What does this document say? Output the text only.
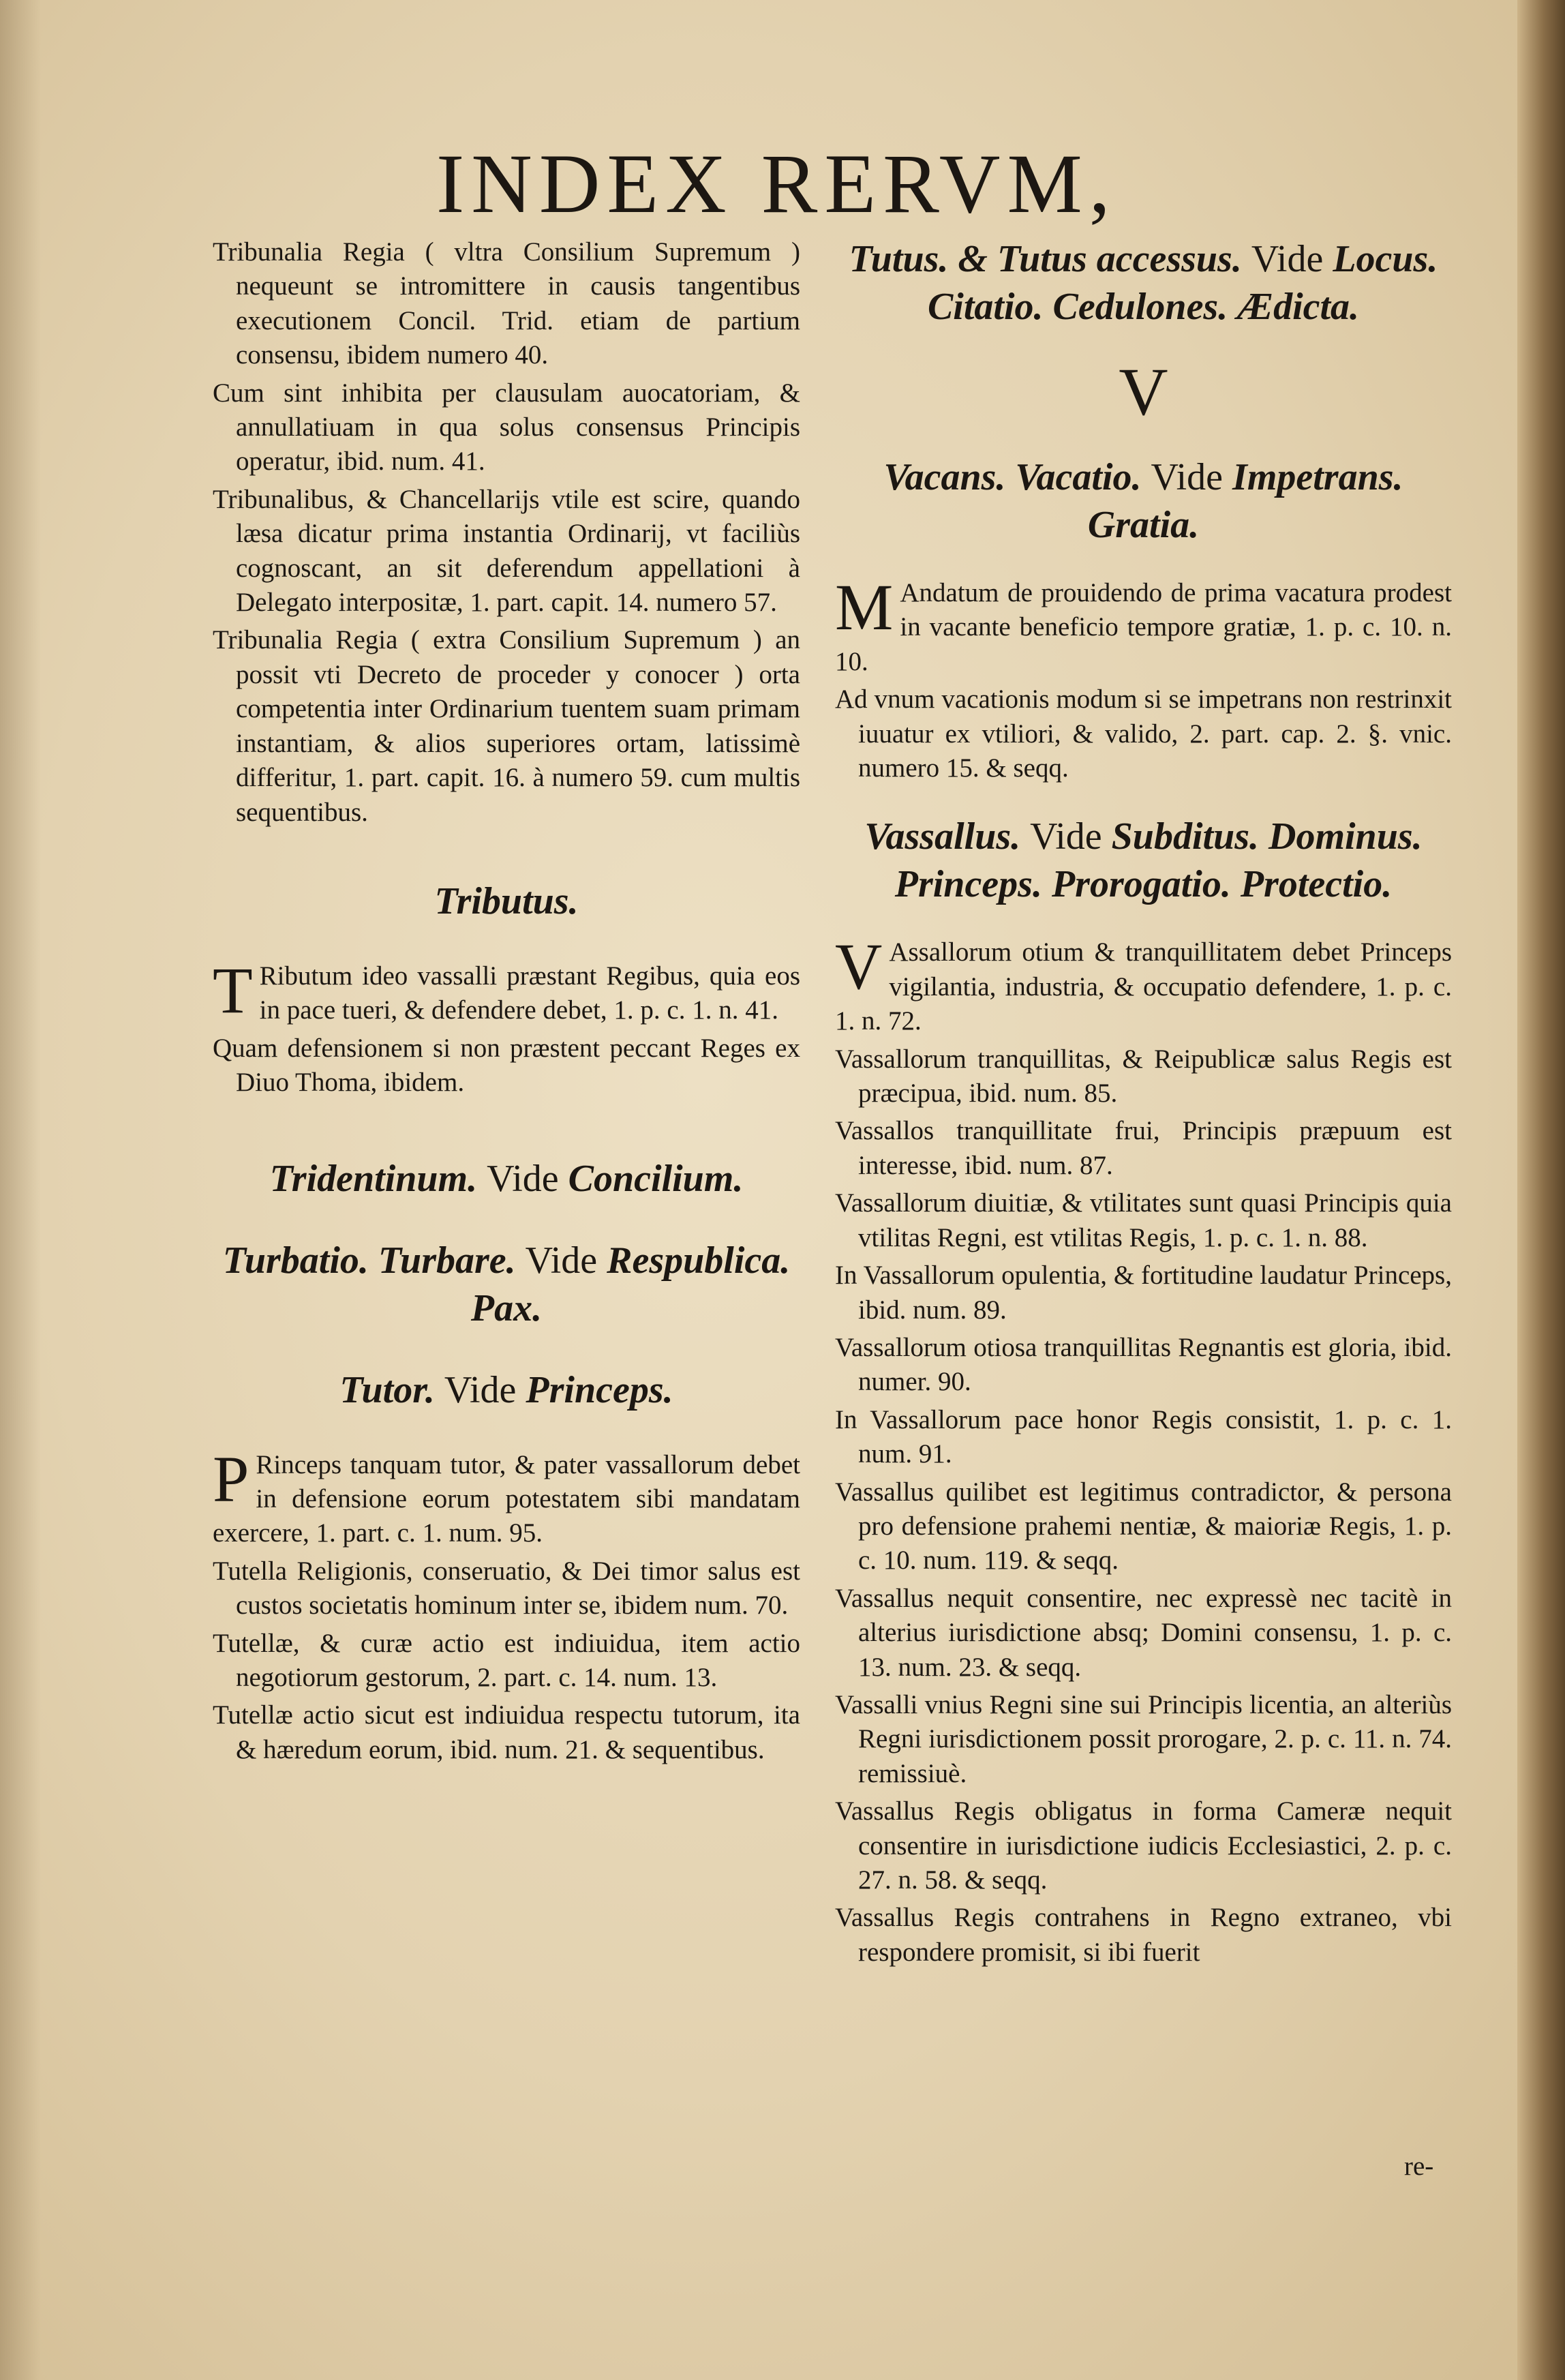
INDEX RERVM,

Tribunalia Regia ( vltra Consilium Supremum ) nequeunt se intromittere in causis tangentibus executionem Concil. Trid. etiam de partium consensu, ibidem numero 40.

Cum sint inhibita per clausulam auocatoriam, & annullatiuam in qua solus consensus Principis operatur, ibid. num. 41.

Tribunalibus, & Chancellarijs vtile est scire, quando læsa dicatur prima instantia Ordinarij, vt faciliùs cognoscant, an sit deferendum appellationi à Delegato interpositæ, 1. part. capit. 14. numero 57.

Tribunalia Regia ( extra Consilium Supremum ) an possit vti Decreto de proceder y conocer ) orta competentia inter Ordinarium tuentem suam primam instantiam, & alios superiores ortam, latissimè differitur, 1. part. capit. 16. à numero 59. cum multis sequentibus.

Tributus.

T Ributum ideo vassalli præstant Regibus, quia eos in pace tueri, & defendere debet, 1. p. c. 1. n. 41.

Quam defensionem si non præstent peccant Reges ex Diuo Thoma, ibidem.

Tridentinum. Vide Concilium.

Turbatio. Turbare. Vide Respublica. Pax.

Tutor. Vide Princeps.

P Rinceps tanquam tutor, & pater vassallorum debet in defensione eorum potestatem sibi mandatam exercere, 1. part. c. 1. num. 95.

Tutella Religionis, conseruatio, & Dei timor salus est custos societatis hominum inter se, ibidem num. 70.

Tutellæ, & curæ actio est indiuidua, item actio negotiorum gestorum, 2. part. c. 14. num. 13.

Tutellæ actio sicut est indiuidua respectu tutorum, ita & hæredum eorum, ibid. num. 21. & sequentibus.

Tutus. & Tutus accessus. Vide Locus. Citatio. Cedulones. Ædicta.

V

Vacans. Vacatio. Vide Impetrans. Gratia.

M Andatum de prouidendo de prima vacatura prodest in vacante beneficio tempore gratiæ, 1. p. c. 10. n. 10.

Ad vnum vacationis modum si se impetrans non restrinxit iuuatur ex vtiliori, & valido, 2. part. cap. 2. §. vnic. numero 15. & seqq.

Vassallus. Vide Subditus. Dominus. Princeps. Prorogatio. Protectio.

V Assallorum otium & tranquillitatem debet Princeps vigilantia, industria, & occupatio defendere, 1. p. c. 1. n. 72.

Vassallorum tranquillitas, & Reipublicæ salus Regis est præcipua, ibid. num. 85.

Vassallos tranquillitate frui, Principis præpuum est interesse, ibid. num. 87.

Vassallorum diuitiæ, & vtilitates sunt quasi Principis quia vtilitas Regni, est vtilitas Regis, 1. p. c. 1. n. 88.

In Vassallorum opulentia, & fortitudine laudatur Princeps, ibid. num. 89.

Vassallorum otiosa tranquillitas Regnantis est gloria, ibid. numer. 90.

In Vassallorum pace honor Regis consistit, 1. p. c. 1. num. 91.

Vassallus quilibet est legitimus contradictor, & persona pro defensione prahemi nentiæ, & maioriæ Regis, 1. p. c. 10. num. 119. & seqq.

Vassallus nequit consentire, nec expressè nec tacitè in alterius iurisdictione absq; Domini consensu, 1. p. c. 13. num. 23. & seqq.

Vassalli vnius Regni sine sui Principis licentia, an alteriùs Regni iurisdictionem possit prorogare, 2. p. c. 11. n. 74. remissiuè.

Vassallus Regis obligatus in forma Cameræ nequit consentire in iurisdictione iudicis Ecclesiastici, 2. p. c. 27. n. 58. & seqq.

Vassallus Regis contrahens in Regno extraneo, vbi respondere promisit, si ibi fuerit

re-
